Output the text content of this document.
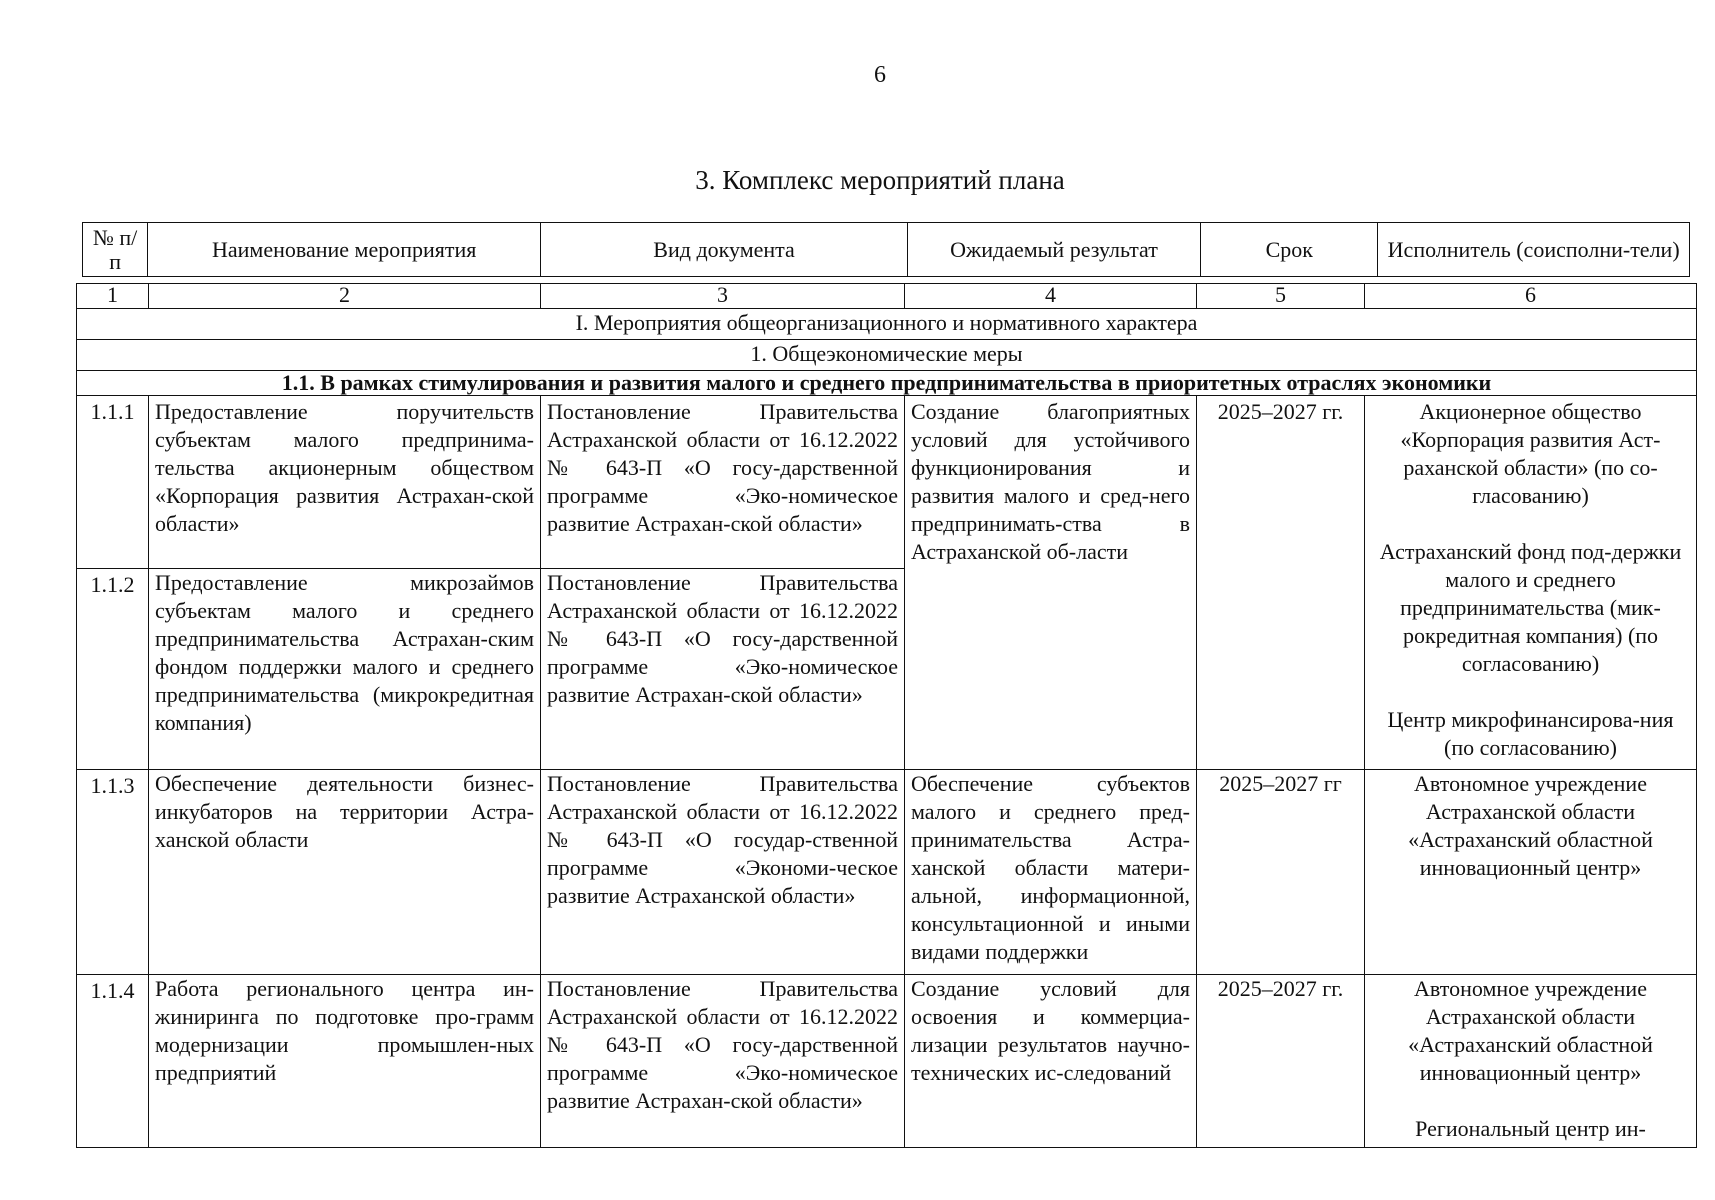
6
3. Комплекс мероприятий плана
№ п/п	Наименование мероприятия	Вид документа	Ожидаемый результат	Срок	Исполнитель (соисполни-тели)
1	2	3	4	5	6
I. Мероприятия общеорганизационного и нормативного характера					
1. Общеэкономические меры					
1.1. В рамках стимулирования и развития малого и среднего предпринимательства в приоритетных отраслях экономики					
1.1.1	Предоставление поручительств субъектам малого предпринима-тельства акционерным обществом «Корпорация развития Астрахан-ской области»	Постановление Правительства Астраханской области от 16.12.2022 № 643-П «О госу-дарственной программе «Эко-номическое развитие Астрахан-ской области»	Создание благоприятных условий для устойчивого функционирования и развития малого и сред-него предпринимать-ства в Астраханской об-ласти	2025–2027 гг.	Акционерное общество «Корпорация развития Аст-раханской области» (по со-гласованию)
Астраханский фонд под-держки малого и среднего предпринимательства (мик-рокредитная компания) (по согласованию)
Центр микрофинансирова-ния (по согласованию)

1.1.2	Предоставление микрозаймов субъектам малого и среднего предпринимательства Астрахан-ским фондом поддержки малого и среднего предпринимательства (микрокредитная компания)	Постановление Правительства Астраханской области от 16.12.2022 № 643-П «О госу-дарственной программе «Эко-номическое развитие Астрахан-ской области»			
1.1.3	Обеспечение деятельности бизнес-инкубаторов на территории Астра-ханской области	Постановление Правительства Астраханской области от 16.12.2022 № 643-П «О государ-ственной программе «Экономи-ческое развитие Астраханской области»	Обеспечение субъектов малого и среднего пред-принимательства Астра-ханской области матери-альной, информационной, консультационной и иными видами поддержки	2025–2027 гг	Автономное учреждение Астраханской области «Астраханский областной инновационный центр»

1.1.4	Работа регионального центра ин-жиниринга по подготовке про-грамм модернизации промышлен-ных предприятий	Постановление Правительства Астраханской области от 16.12.2022 № 643-П «О госу-дарственной программе «Эко-номическое развитие Астрахан-ской области»	Создание условий для освоения и коммерциа-лизации результатов научно-технических ис-следований	2025–2027 гг.	Автономное учреждение Астраханской области «Астраханский областной инновационный центр»
Региональный центр ин-
